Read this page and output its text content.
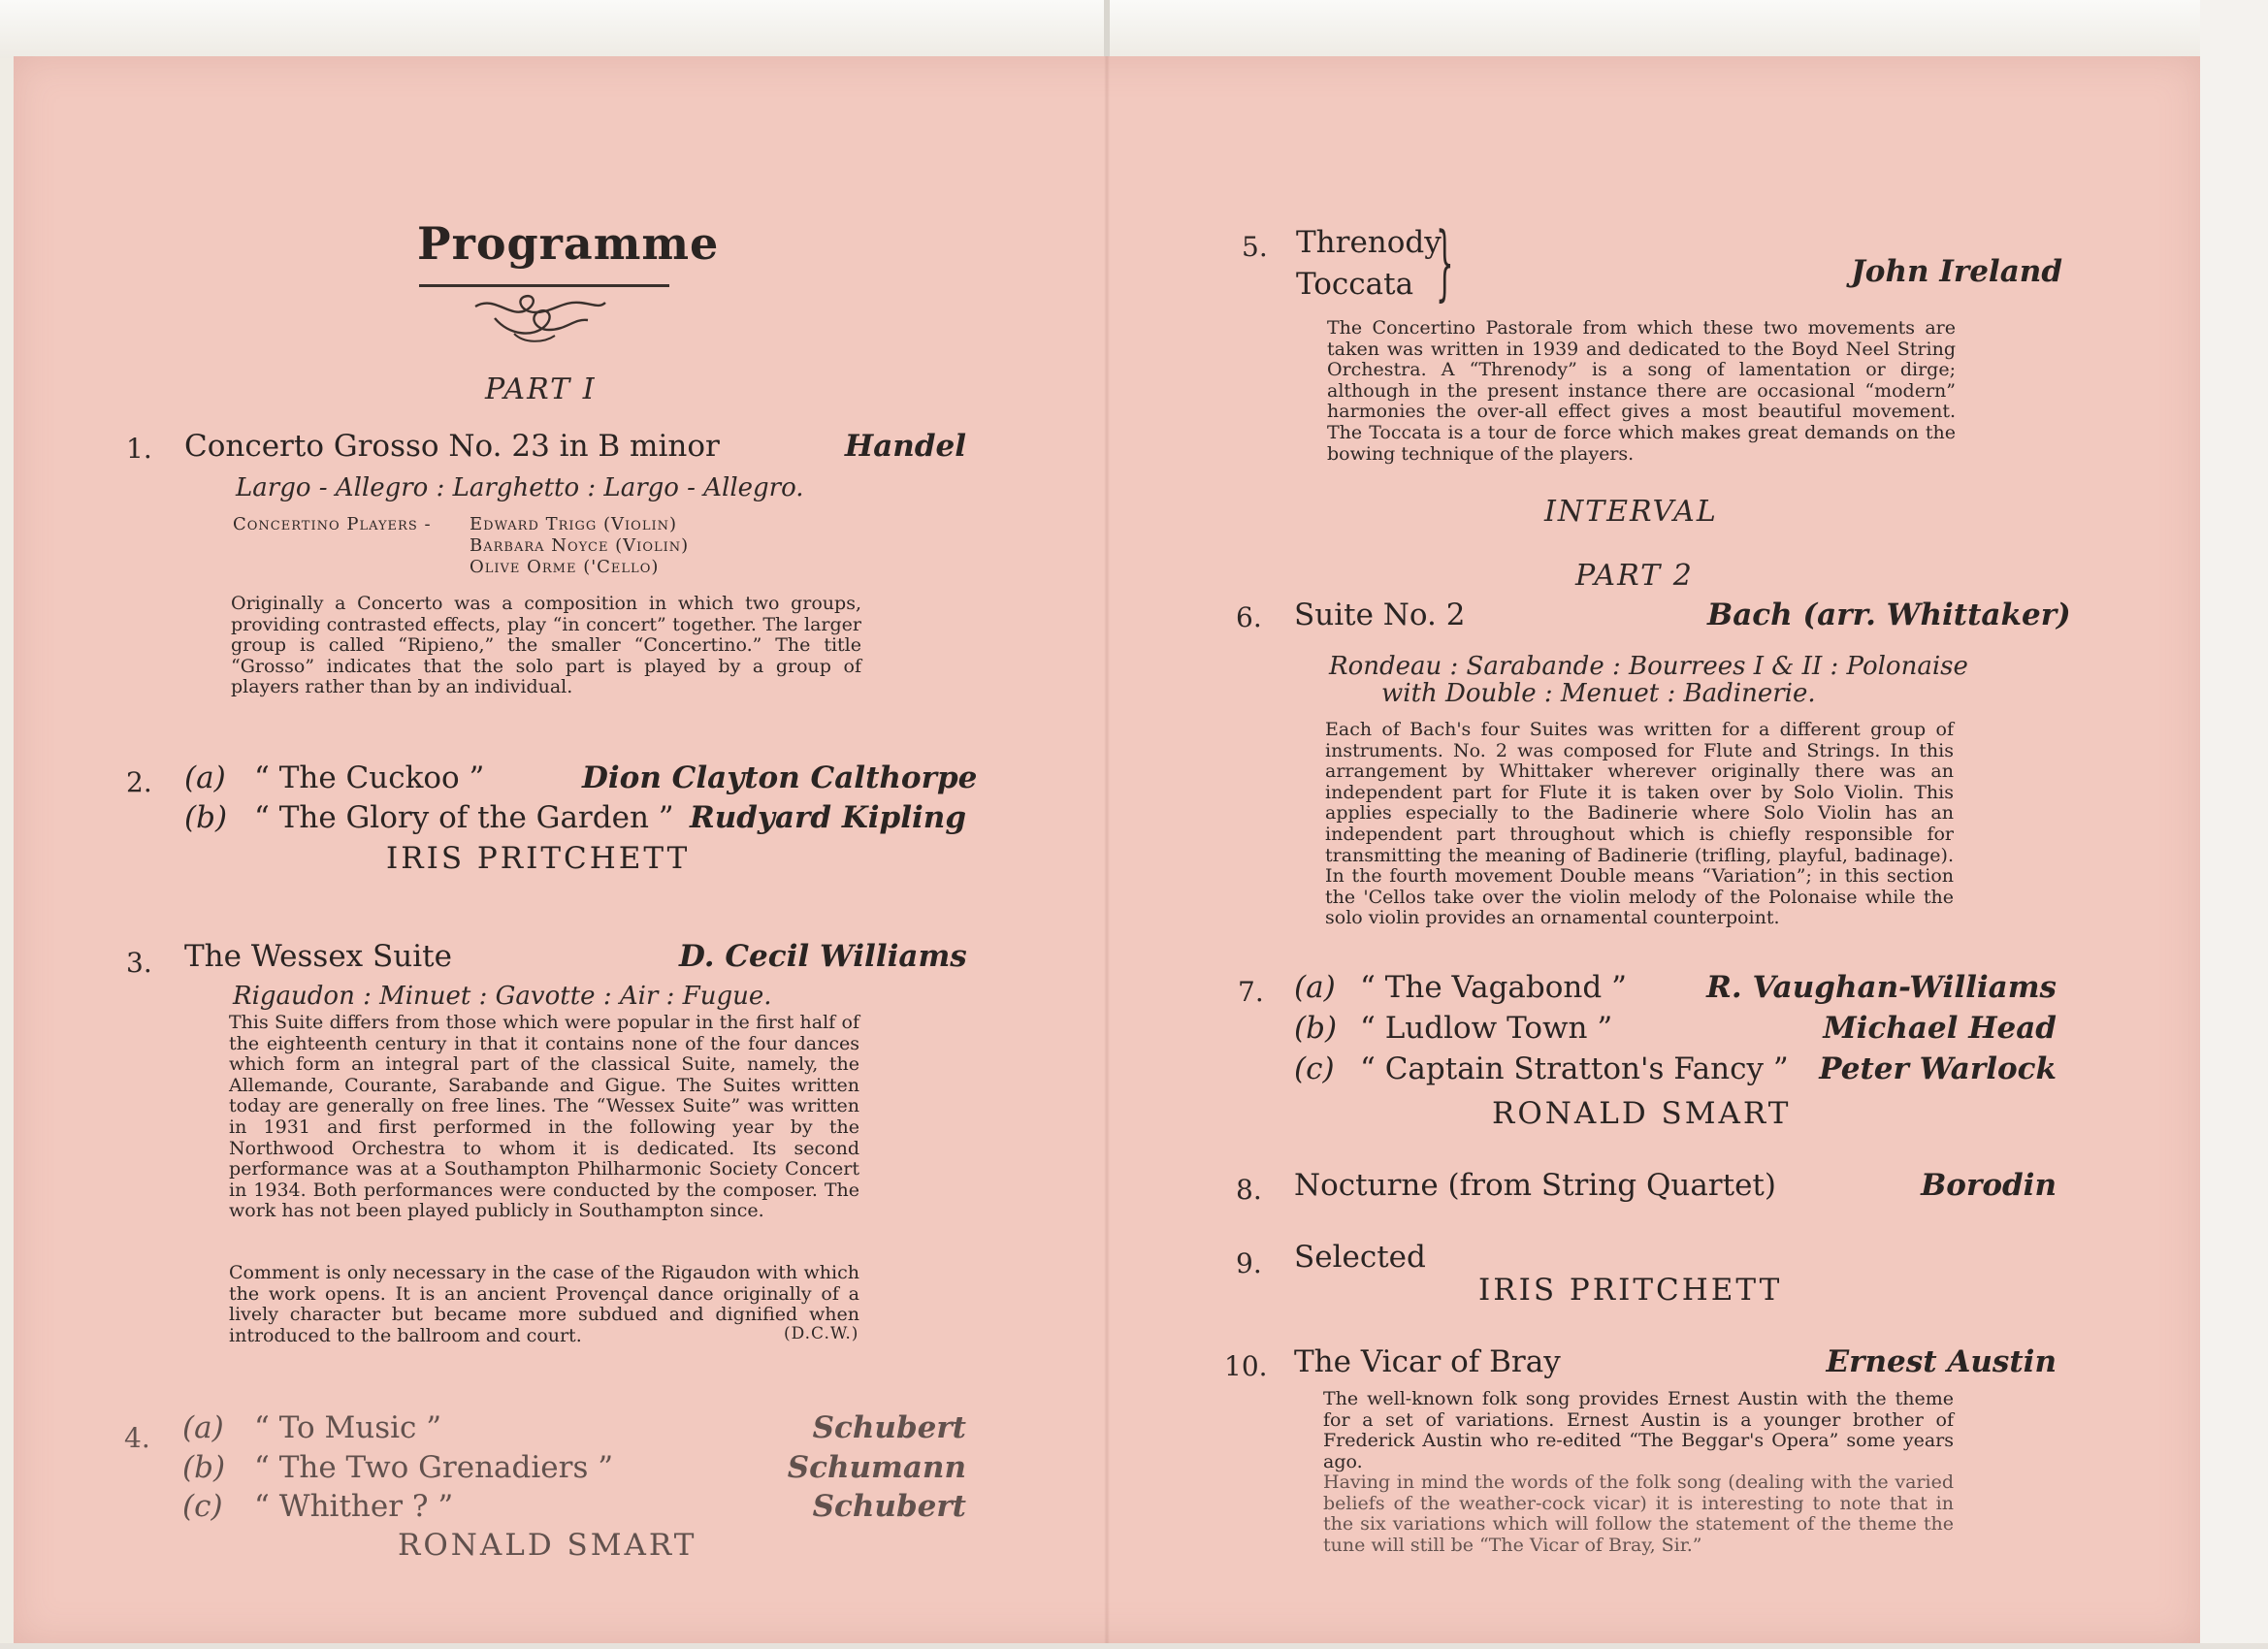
Programme
PART I
1. Concerto Grosso No. 23 in B minor	Handel
Largo - Allegro : Larghetto : Largo - Allegro.
Concertino Players - Edward Trigg (Violin)
Barbara Noyce (Violin)
Olive Orme ('Cello)
Originally a Concerto was a composition in which two groups, providing contrasted effects, play “in concert” together. The larger group is called “Ripieno,” the smaller “Concertino.” The title “Grosso” indicates that the solo part is played by a group of players rather than by an individual.
2. (a) “ The Cuckoo ”	Dion Clayton Calthorpe
(b) “ The Glory of the Garden ” Rudyard Kipling
IRIS PRITCHETT
3. The Wessex Suite	D. Cecil Williams
Rigaudon : Minuet : Gavotte : Air : Fugue.
This Suite differs from those which were popular in the first half of the eighteenth century in that it contains none of the four dances which form an integral part of the classical Suite, namely, the Allemande, Courante, Sarabande and Gigue. The Suites written today are generally on free lines. The “Wessex Suite” was written in 1931 and first performed in the following year by the Northwood Orchestra to whom it is dedicated. Its second performance was at a Southampton Philharmonic Society Concert in 1934. Both performances were conducted by the composer. The work has not been played publicly in Southampton since.
Comment is only necessary in the case of the Rigaudon with which the work opens. It is an ancient Provençal dance originally of a lively character but became more subdued and dignified when introduced to the ballroom and court.	(D.C.W.)
4. (a) “ To Music ”	Schubert
(b) “ The Two Grenadiers ”	Schumann
(c) “ Whither ? ”	Schubert
RONALD SMART
5. Threnody
Toccata }	John Ireland
The Concertino Pastorale from which these two movements are taken was written in 1939 and dedicated to the Boyd Neel String Orchestra. A “Threnody” is a song of lamentation or dirge; although in the present instance there are occasional “modern” harmonies the over-all effect gives a most beautiful movement. The Toccata is a tour de force which makes great demands on the bowing technique of the players.
INTERVAL
PART 2
6. Suite No. 2	Bach (arr. Whittaker)
Rondeau : Sarabande : Bourrees I & II : Polonaise
with Double : Menuet : Badinerie.
Each of Bach's four Suites was written for a different group of instruments. No. 2 was composed for Flute and Strings. In this arrangement by Whittaker wherever originally there was an independent part for Flute it is taken over by Solo Violin. This applies especially to the Badinerie where Solo Violin has an independent part throughout which is chiefly responsible for transmitting the meaning of Badinerie (trifling, playful, badinage). In the fourth movement Double means “Variation”; in this section the 'Cellos take over the violin melody of the Polonaise while the solo violin provides an ornamental counterpoint.
7. (a) “ The Vagabond ”	R. Vaughan-Williams
(b) “ Ludlow Town ”	Michael Head
(c) “ Captain Stratton's Fancy ”	Peter Warlock
RONALD SMART
8. Nocturne (from String Quartet)	Borodin
9. Selected
IRIS PRITCHETT
10. The Vicar of Bray	Ernest Austin
The well-known folk song provides Ernest Austin with the theme for a set of variations. Ernest Austin is a younger brother of Frederick Austin who re-edited “The Beggar's Opera” some years ago.
Having in mind the words of the folk song (dealing with the varied beliefs of the weather-cock vicar) it is interesting to note that in the six variations which will follow the statement of the theme the tune will still be “The Vicar of Bray, Sir.”
